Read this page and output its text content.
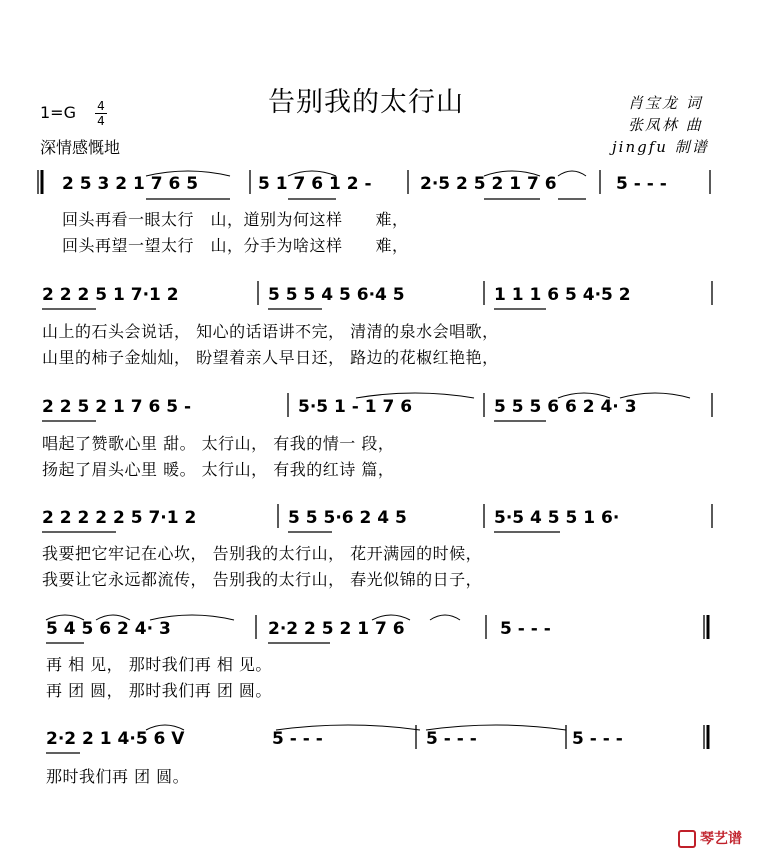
告别我的太行山	肖宝龙 词
张凤林 曲
jingfu 制谱
1=G 4
4
深情感慨地
2 5 3 2 1 7 6 5	5 1 7 6 1 2 -	2·5 2 5 2 1 7 6	5 - - -
回头再看一眼太行　山，道别为何这样　　难，
回头再望一望太行　山，分手为啥这样　　难，
2 2 2 5 1 7·1 2	5 5 5 4 5 6·4 5	1 1 1 6 5 4·5 2
山上的石头会说话， 知心的话语讲不完， 清清的泉水会唱歌，
山里的柿子金灿灿， 盼望着亲人早日还， 路边的花椒红艳艳，
2 2 5 2 1 7 6 5 -	5·5 1 - 1 7 6	5 5 5 6 6 2 4· 3
唱起了赞歌心里 甜。 太行山， 有我的情一 段，
扬起了眉头心里 暖。 太行山， 有我的红诗 篇，
2 2 2 2 2 5 7·1 2	5 5 5·6 2 4 5	5·5 4 5 5 1 6·
我要把它牢记在心坎， 告别我的太行山， 花开满园的时候，
我要让它永远都流传， 告别我的太行山， 春光似锦的日子，
5 4 5 6 2 4· 3	2·2 2 5 2 1 7 6	5 - - -
再 相 见， 那时我们再 相 见。
再 团 圆， 那时我们再 团 圆。
2·2 2 1 4·5 6 V	5 - - -	5 - - -	5 - - -
那时我们再 团 圆。
琴艺谱
